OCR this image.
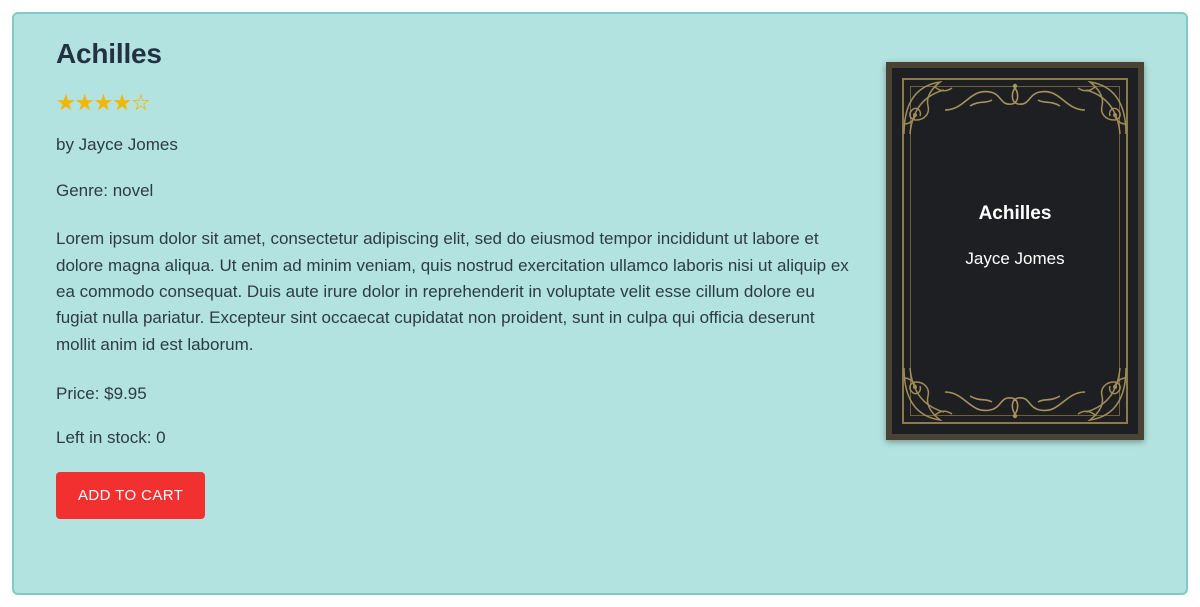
Achilles
★★★★☆

by Jayce Jomes

Genre: novel

Lorem ipsum dolor sit amet, consectetur adipiscing elit, sed do eiusmod tempor incididunt ut labore et dolore magna aliqua. Ut enim ad minim veniam, quis nostrud exercitation ullamco laboris nisi ut aliquip ex ea commodo consequat. Duis aute irure dolor in reprehenderit in voluptate velit esse cillum dolore eu fugiat nulla pariatur. Excepteur sint occaecat cupidatat non proident, sunt in culpa qui officia deserunt mollit anim id est laborum.

Price: $9.95

Left in stock: 0

ADD TO CART
Achilles
Jayce Jomes
